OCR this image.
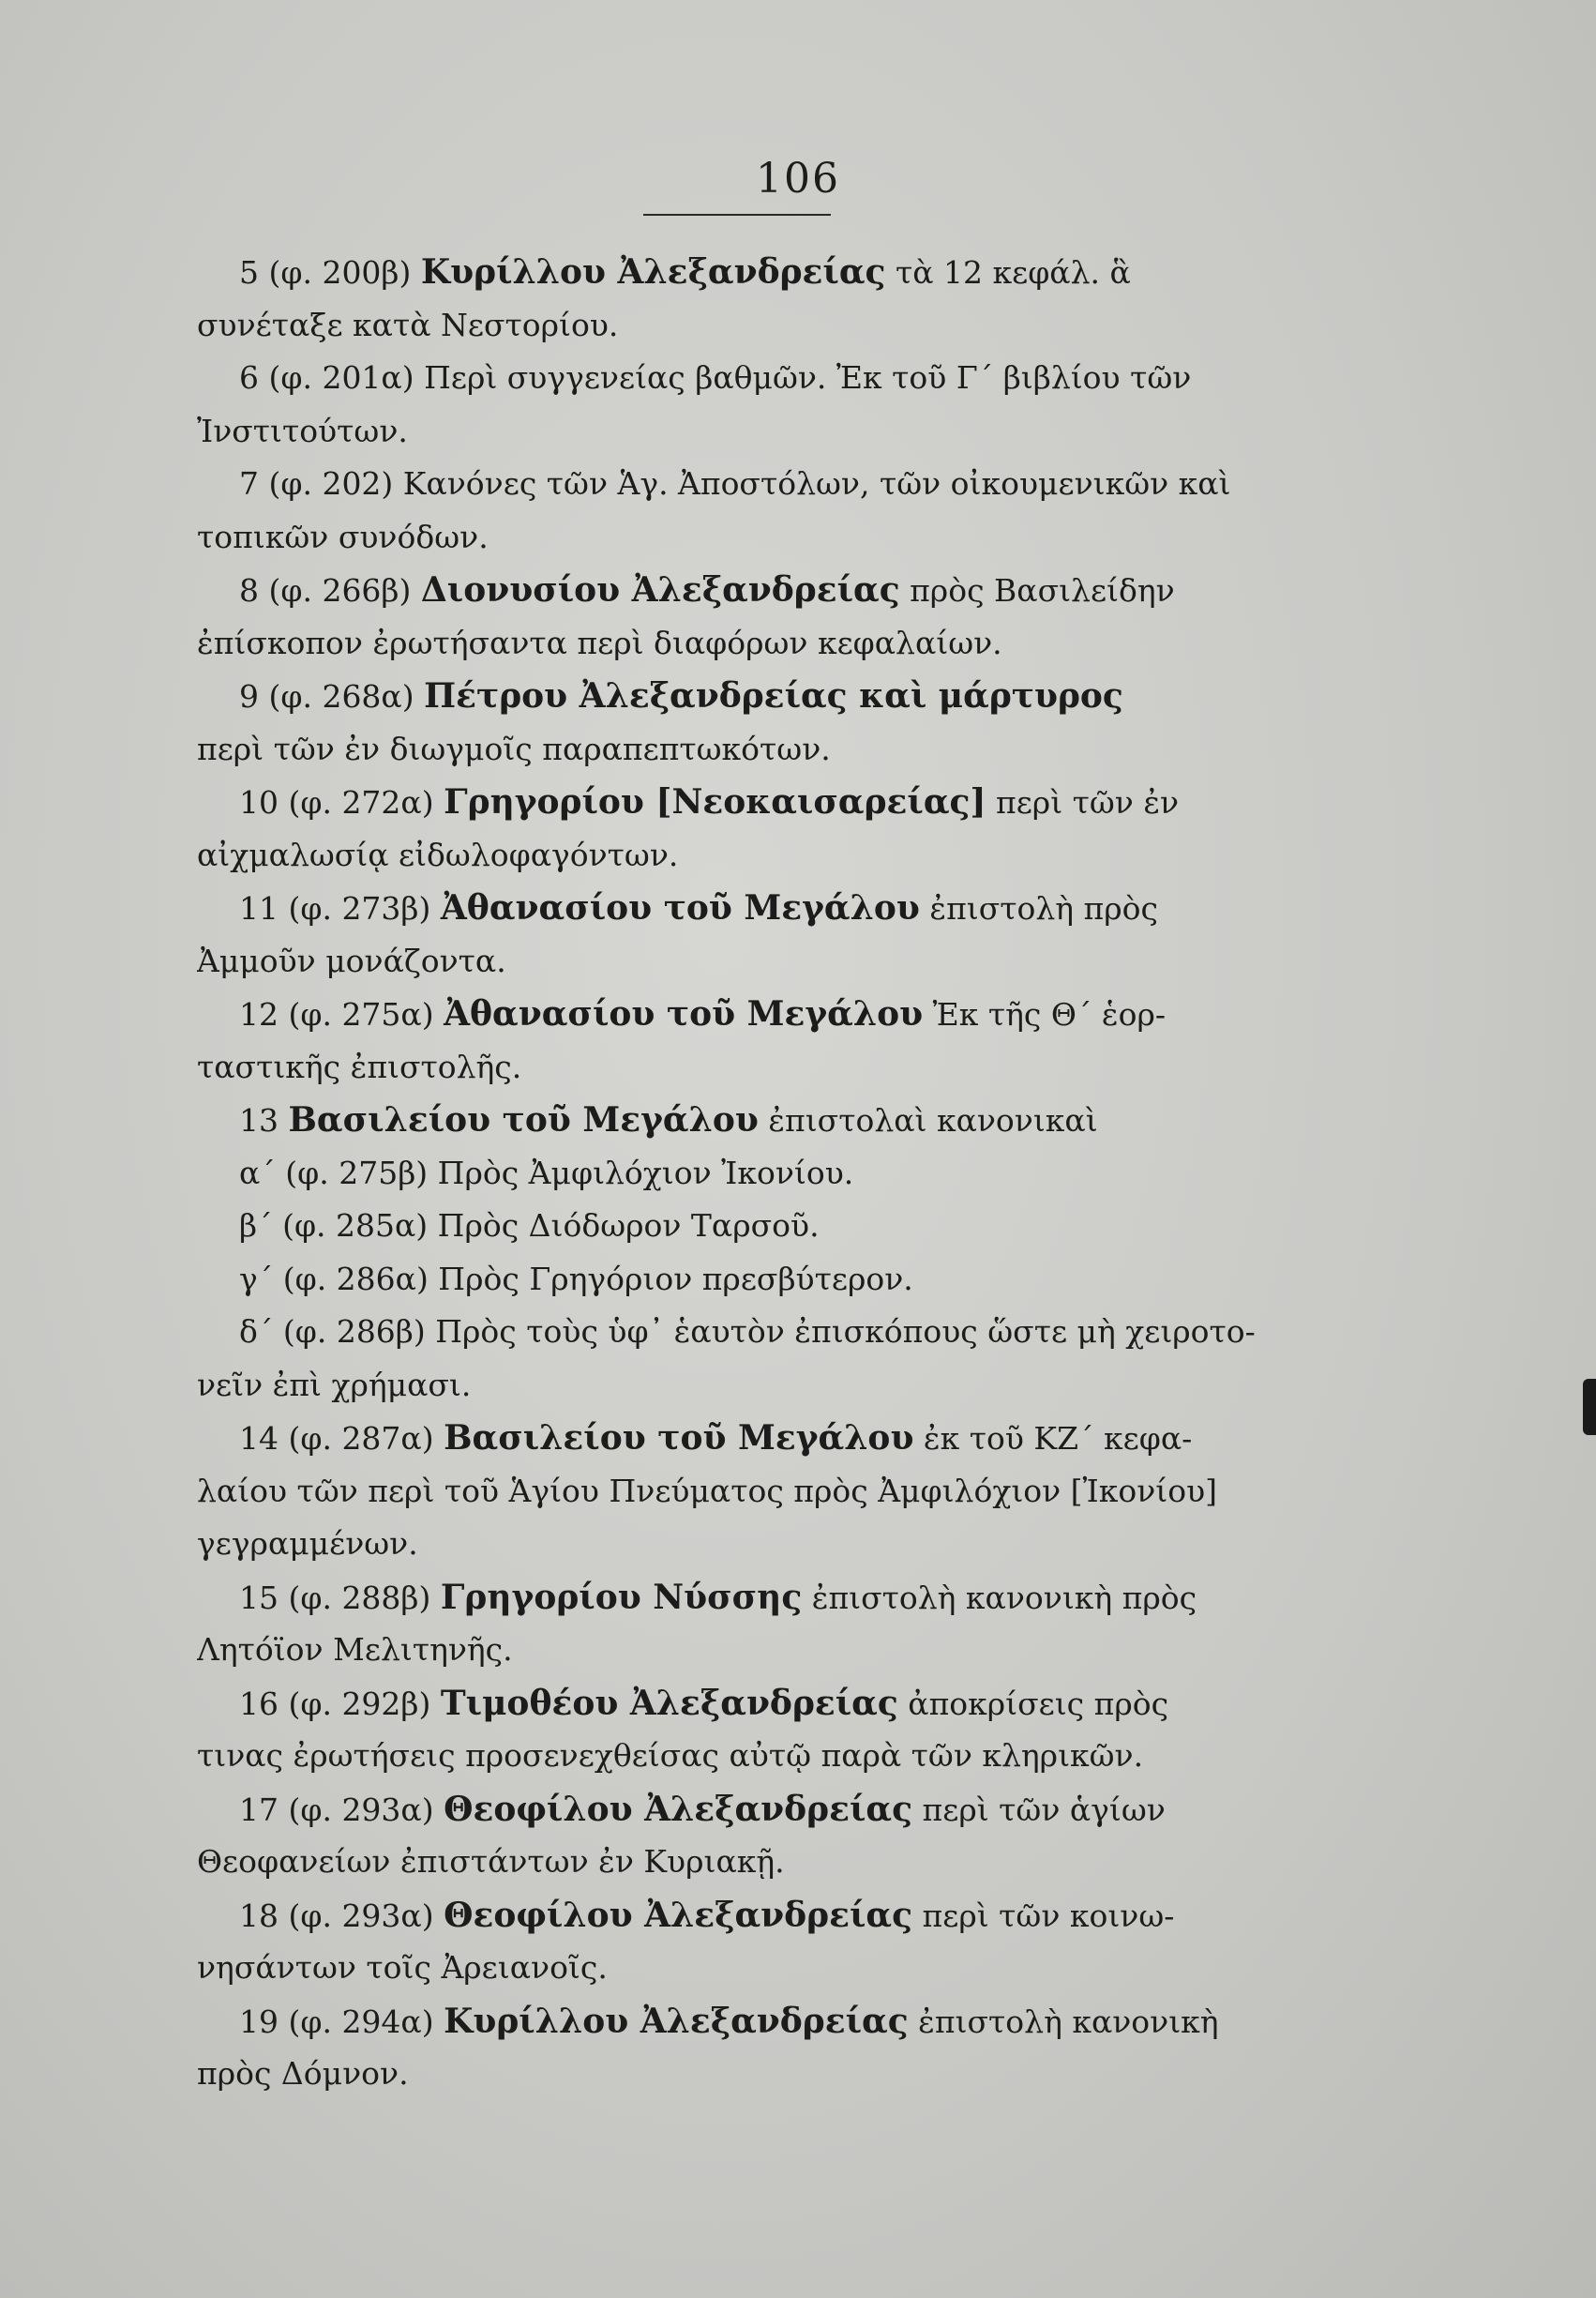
106
5 (φ. 200β) Κυρίλλου Ἀλεξανδρείας τὰ 12 κεφάλ. ἃ
συνέταξε κατὰ Νεστορίου.
6 (φ. 201α) Περὶ συγγενείας βαθμῶν. Ἐκ τοῦ Γ΄ βιβλίου τῶν
Ἰνστιτούτων.
7 (φ. 202) Κανόνες τῶν Ἁγ. Ἀποστόλων, τῶν οἰκουμενικῶν καὶ
τοπικῶν συνόδων.
8 (φ. 266β) Διονυσίου Ἀλεξανδρείας πρὸς Βασιλείδην
ἐπίσκοπον ἐρωτήσαντα περὶ διαφόρων κεφαλαίων.
9 (φ. 268α) Πέτρου Ἀλεξανδρείας καὶ μάρτυρος
περὶ τῶν ἐν διωγμοῖς παραπεπτωκότων.
10 (φ. 272α) Γρηγορίου [Νεοκαισαρείας] περὶ τῶν ἐν
αἰχμαλωσίᾳ εἰδωλοφαγόντων.
11 (φ. 273β) Ἀθανασίου τοῦ Μεγάλου ἐπιστολὴ πρὸς
Ἀμμοῦν μονάζοντα.
12 (φ. 275α) Ἀθανασίου τοῦ Μεγάλου Ἐκ τῆς Θ΄ ἑορ-
ταστικῆς ἐπιστολῆς.
13 Βασιλείου τοῦ Μεγάλου ἐπιστολαὶ κανονικαὶ
α΄ (φ. 275β) Πρὸς Ἀμφιλόχιον Ἰκονίου.
β΄ (φ. 285α) Πρὸς Διόδωρον Ταρσοῦ.
γ΄ (φ. 286α) Πρὸς Γρηγόριον πρεσβύτερον.
δ΄ (φ. 286β) Πρὸς τοὺς ὑφ᾽ ἑαυτὸν ἐπισκόπους ὥστε μὴ χειροτο-
νεῖν ἐπὶ χρήμασι.
14 (φ. 287α) Βασιλείου τοῦ Μεγάλου ἐκ τοῦ ΚΖ΄ κεφα-
λαίου τῶν περὶ τοῦ Ἁγίου Πνεύματος πρὸς Ἀμφιλόχιον [Ἰκονίου]
γεγραμμένων.
15 (φ. 288β) Γρηγορίου Νύσσης ἐπιστολὴ κανονικὴ πρὸς
Λητόϊον Μελιτηνῆς.
16 (φ. 292β) Τιμοθέου Ἀλεξανδρείας ἀποκρίσεις πρὸς
τινας ἐρωτήσεις προσενεχθείσας αὐτῷ παρὰ τῶν κληρικῶν.
17 (φ. 293α) Θεοφίλου Ἀλεξανδρείας περὶ τῶν ἁγίων
Θεοφανείων ἐπιστάντων ἐν Κυριακῇ.
18 (φ. 293α) Θεοφίλου Ἀλεξανδρείας περὶ τῶν κοινω-
νησάντων τοῖς Ἀρειανοῖς.
19 (φ. 294α) Κυρίλλου Ἀλεξανδρείας ἐπιστολὴ κανονικὴ
πρὸς Δόμνον.
